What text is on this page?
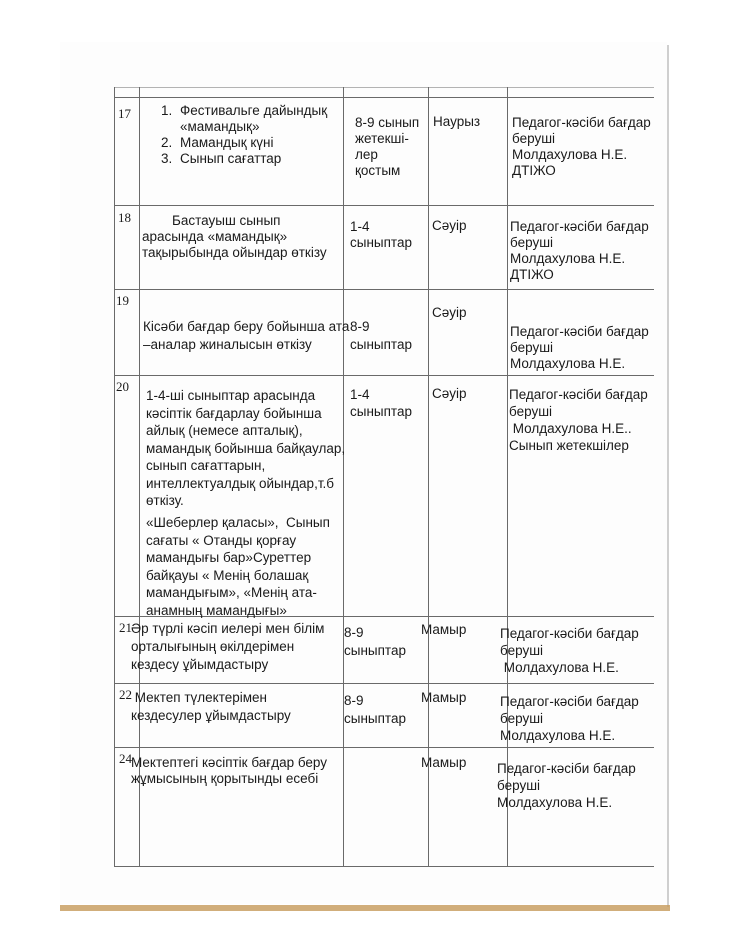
17
1.	Фестивальге дайындық «мамандық»
2. Мамандық күні
3. Сынып сағаттар
8-9 сынып
жетекші-
лер
қостым
Наурыз Педагог-кәсіби бағдар
беруші
Молдахулова Н.Е.
ДТІЖО
18	Бастауыш сынып
арасында «мамандық»
тақырыбында ойындар өткізу
1-4
сыныптар
Сәуір	Педагог-кәсіби бағдар
беруші
Молдахулова Н.Е.
ДТІЖО
19
Кісәби бағдар беру бойынша ата
–аналар жиналысын өткізу
8-9
сыныптар
Сәуір
Педагог-кәсіби бағдар
беруші
Молдахулова Н.Е.
20
1-4-ші сыныптар арасында
кәсіптік бағдарлау бойынша
айлық (немесе апталық),
мамандық бойынша байқаулар,
сынып сағаттарын,
интеллектуалдық ойындар,т.б
өткізу.
«Шеберлер қаласы»,  Сынып
сағаты « Отанды қорғау
мамандығы бар»Суреттер
байқауы « Менің болашақ
мамандығым», «Менің ата-
анамның мамандығы»
1-4
сыныптар
Сәуір	Педагог-кәсіби бағдар
беруші
Молдахулова Н.Е..
Сынып жетекшілер
21 Әр түрлі кәсіп иелері мен білім
орталығының өкілдерімен
кездесу ұйымдастыру
8-9
сыныптар
Мамыр Педагог-кәсіби бағдар
беруші
Молдахулова Н.Е.
22 Мектеп түлектерімен
кездесулер ұйымдастыру
8-9
сыныптар
Мамыр Педагог-кәсіби бағдар
беруші
Молдахулова Н.Е.
24 Мектептегі кәсіптік бағдар беру
жұмысының қорытынды есебі
Мамыр Педагог-кәсіби бағдар
беруші
Молдахулова Н.Е.
